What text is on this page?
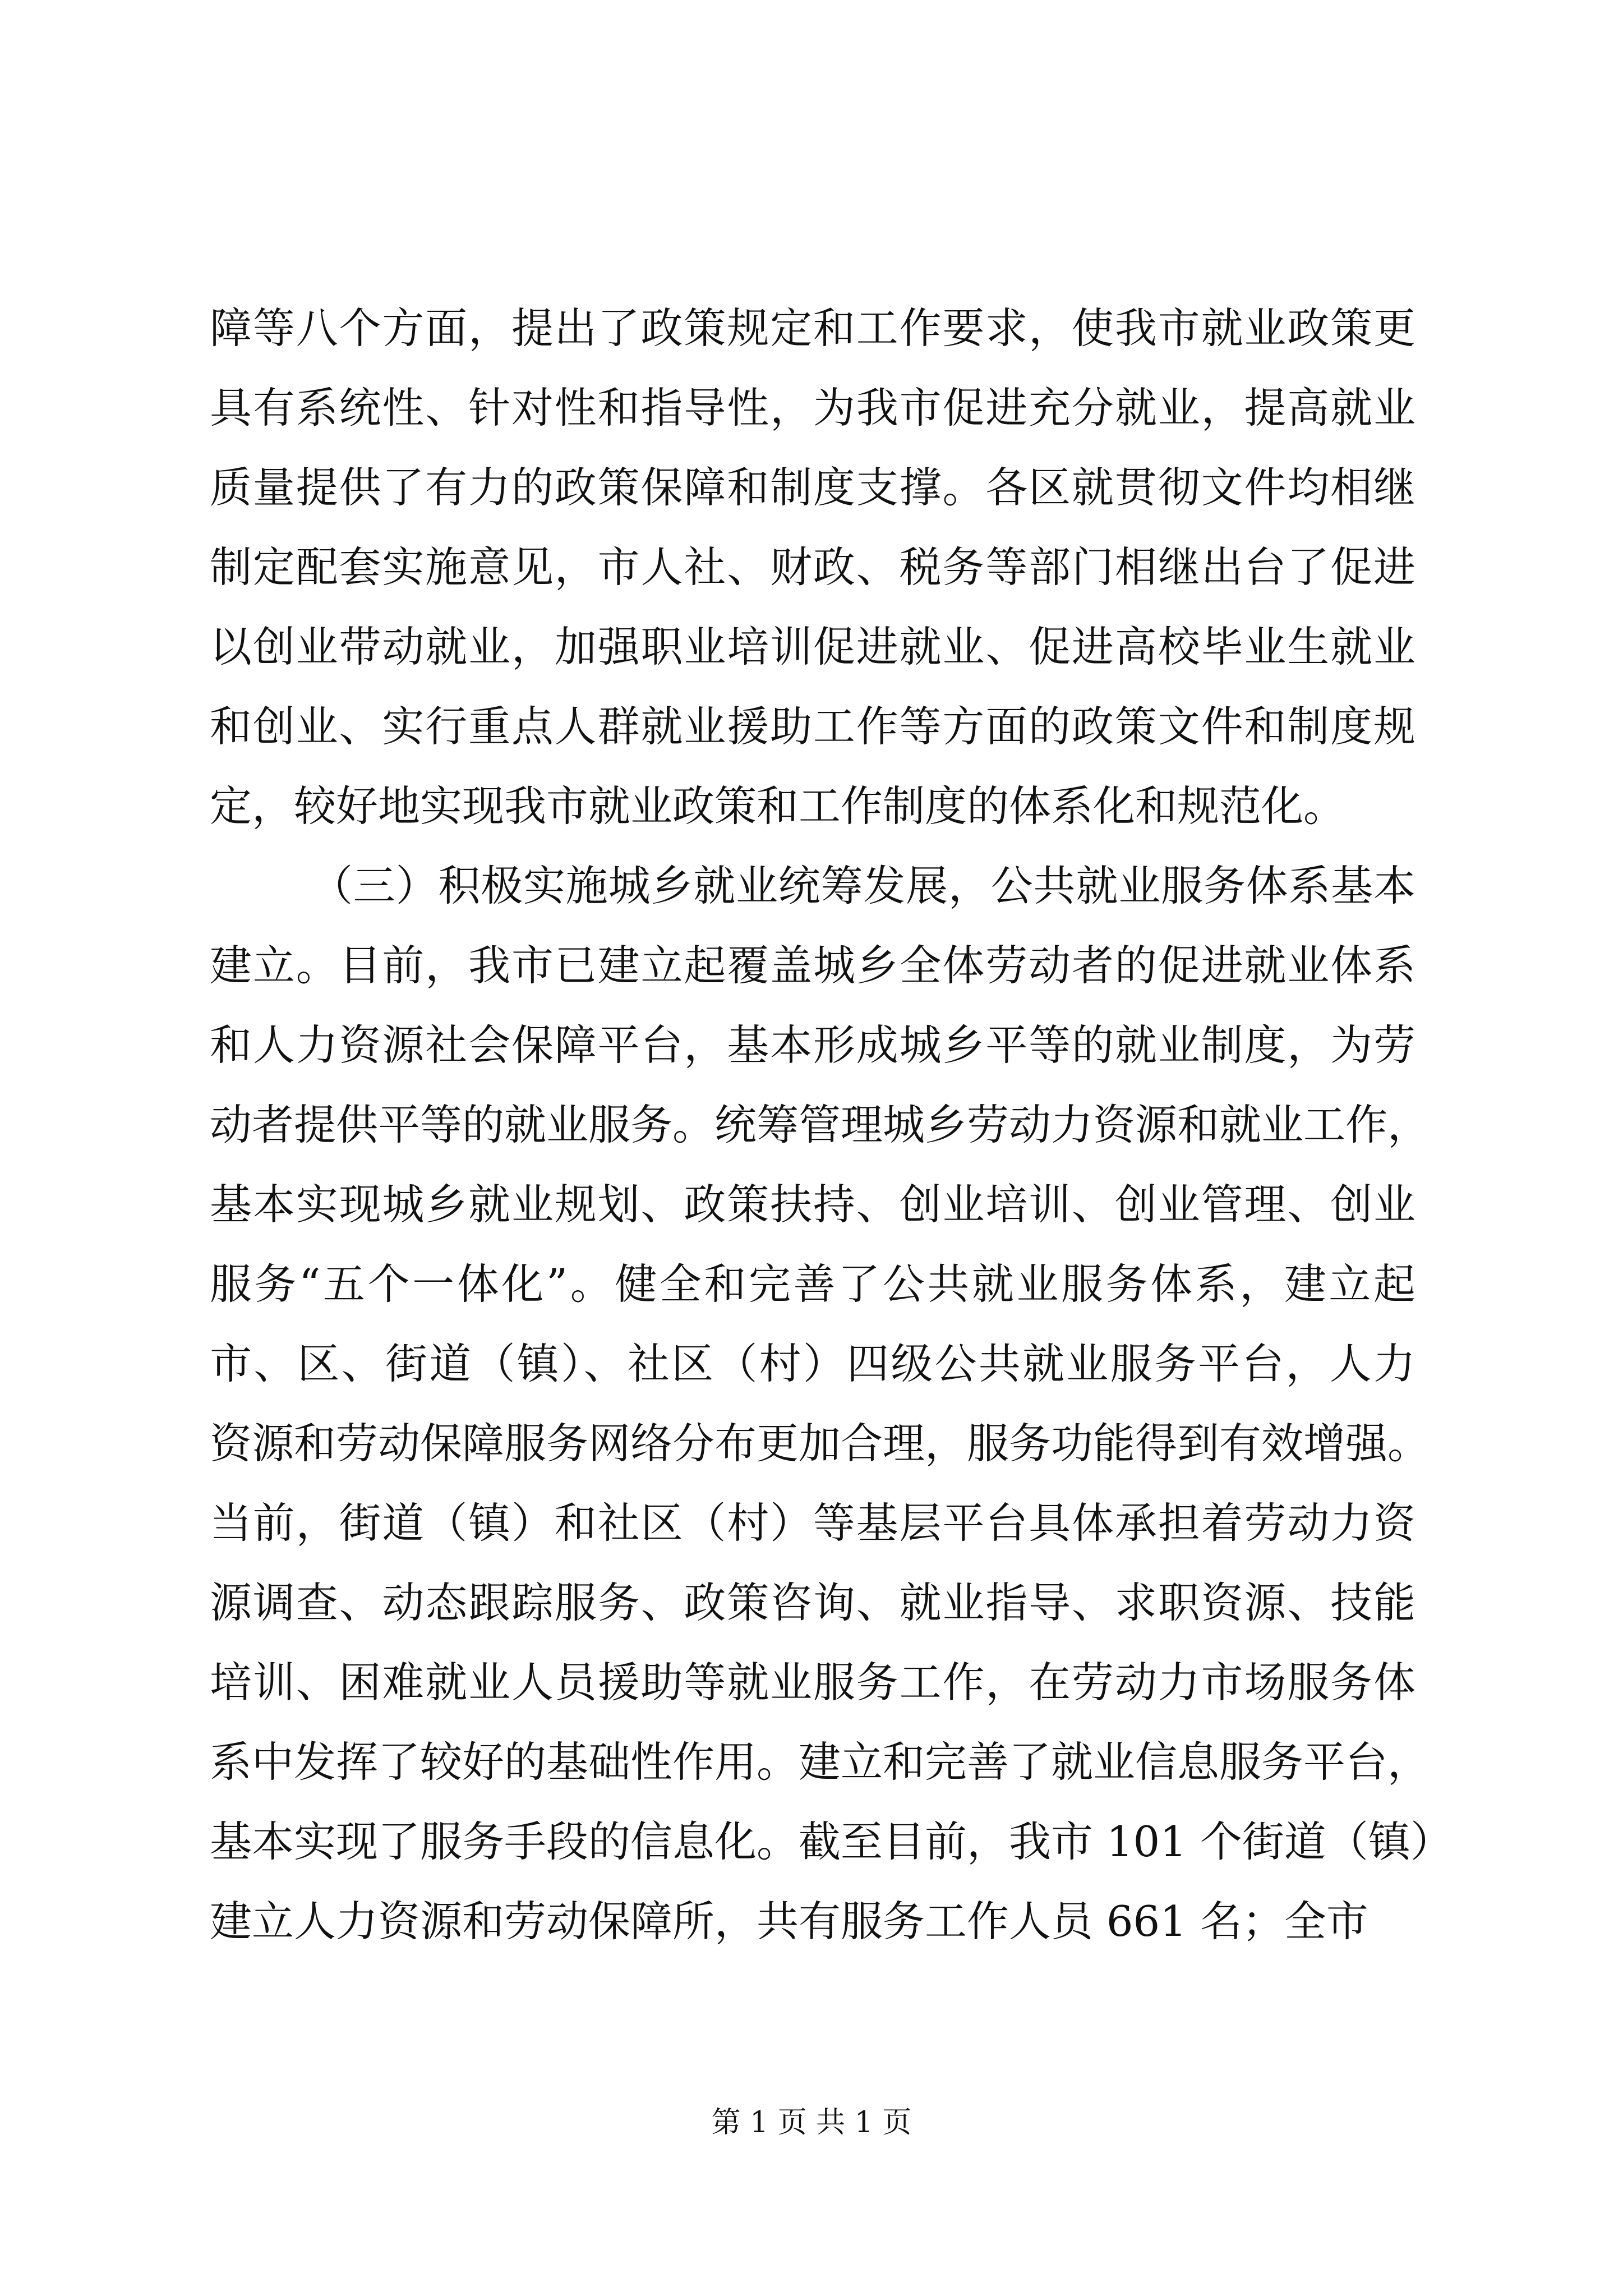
障等八个方面，提出了政策规定和工作要求，使我市就业政策更
具有系统性、针对性和指导性，为我市促进充分就业，提高就业
质量提供了有力的政策保障和制度支撑。各区就贯彻文件均相继
制定配套实施意见，市人社、财政、税务等部门相继出台了促进
以创业带动就业，加强职业培训促进就业、促进高校毕业生就业
和创业、实行重点人群就业援助工作等方面的政策文件和制度规
定，较好地实现我市就业政策和工作制度的体系化和规范化。
（三）积极实施城乡就业统筹发展，公共就业服务体系基本
建立。目前，我市已建立起覆盖城乡全体劳动者的促进就业体系
和人力资源社会保障平台，基本形成城乡平等的就业制度，为劳
动者提供平等的就业服务。统筹管理城乡劳动力资源和就业工作，
基本实现城乡就业规划、政策扶持、创业培训、创业管理、创业
服务“五个一体化”。健全和完善了公共就业服务体系，建立起
市、区、街道（镇）、社区（村）四级公共就业服务平台，人力
资源和劳动保障服务网络分布更加合理，服务功能得到有效增强。
当前，街道（镇）和社区（村）等基层平台具体承担着劳动力资
源调查、动态跟踪服务、政策咨询、就业指导、求职资源、技能
培训、困难就业人员援助等就业服务工作，在劳动力市场服务体
系中发挥了较好的基础性作用。建立和完善了就业信息服务平台，
基本实现了服务手段的信息化。截至目前，我市 101 个街道（镇）
建立人力资源和劳动保障所，共有服务工作人员 661 名；全市
第 1 页 共 1 页
